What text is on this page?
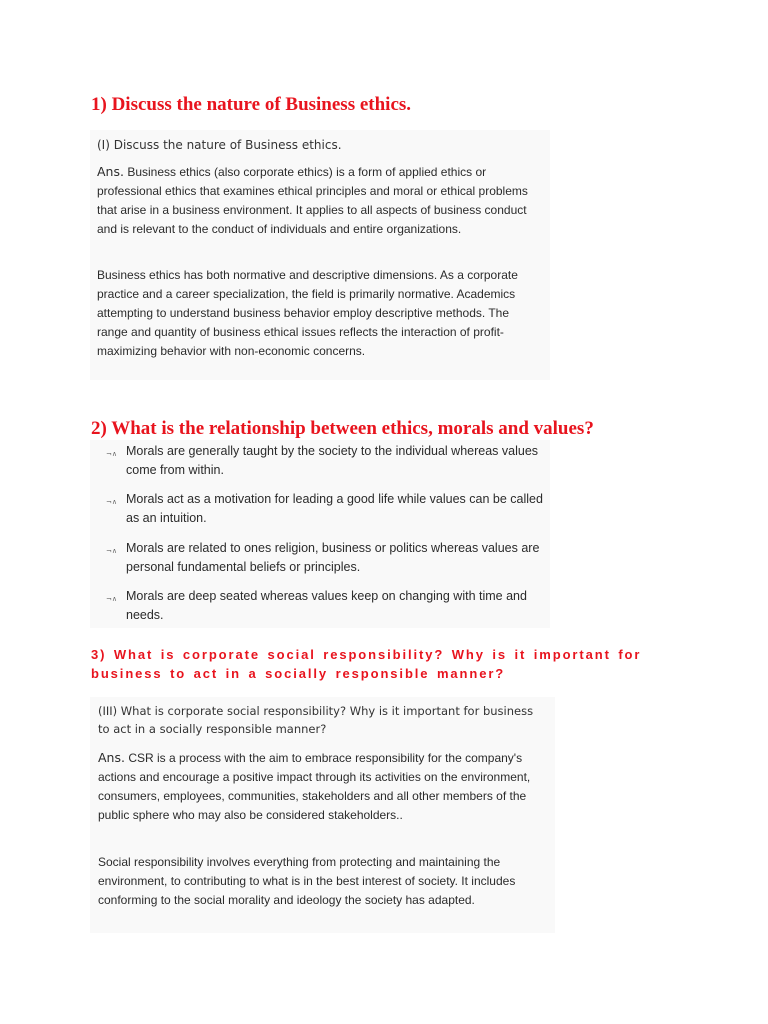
1) Discuss the nature of Business ethics.

(I) Discuss the nature of Business ethics.

Ans. Business ethics (also corporate ethics) is a form of applied ethics or professional ethics that examines ethical principles and moral or ethical problems that arise in a business environment. It applies to all aspects of business conduct and is relevant to the conduct of individuals and entire organizations.

Business ethics has both normative and descriptive dimensions. As a corporate practice and a career specialization, the field is primarily normative. Academics attempting to understand business behavior employ descriptive methods. The range and quantity of business ethical issues reflects the interaction of profit-maximizing behavior with non-economic concerns.

2) What is the relationship between ethics, morals and values?
¬∧ Morals are generally taught by the society to the individual whereas values come from within.

¬∧ Morals act as a motivation for leading a good life while values can be called as an intuition.

¬∧ Morals are related to ones religion, business or politics whereas values are personal fundamental beliefs or principles.

¬∧ Morals are deep seated whereas values keep on changing with time and needs.

3) What is corporate social responsibility? Why is it important for business to act in a socially responsible manner?

(III) What is corporate social responsibility? Why is it important for business to act in a socially responsible manner?

Ans. CSR is a process with the aim to embrace responsibility for the company's actions and encourage a positive impact through its activities on the environment, consumers, employees, communities, stakeholders and all other members of the public sphere who may also be considered stakeholders..

Social responsibility involves everything from protecting and maintaining the environment, to contributing to what is in the best interest of society. It includes conforming to the social morality and ideology the society has adapted.
